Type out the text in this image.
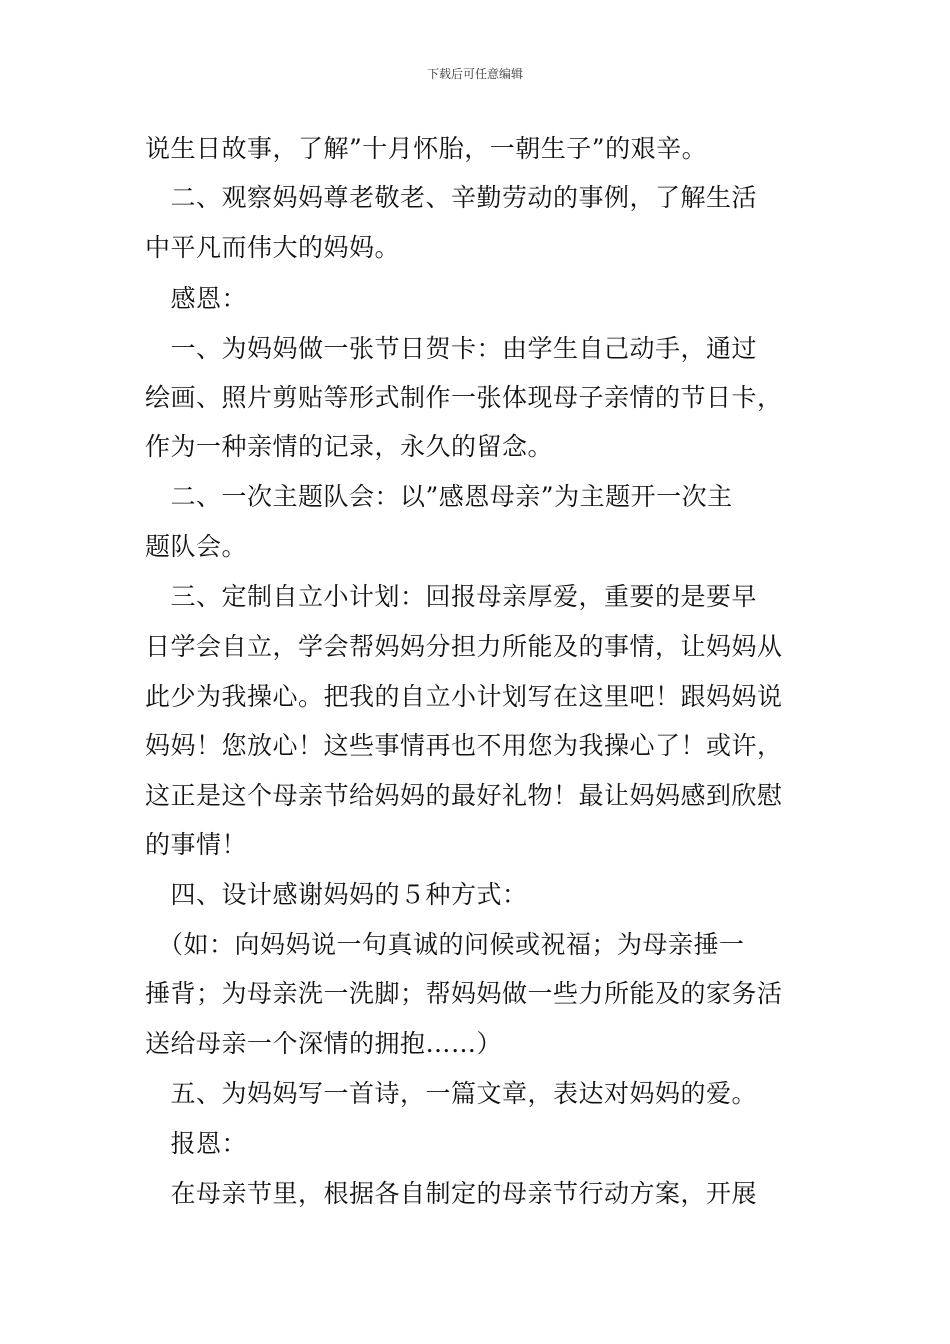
下载后可任意编辑
说生日故事，了解”十月怀胎，一朝生子”的艰辛。
　二、观察妈妈尊老敬老、辛勤劳动的事例，了解生活
中平凡而伟大的妈妈。
　感恩：
　一、为妈妈做一张节日贺卡：由学生自己动手，通过
绘画、照片剪贴等形式制作一张体现母子亲情的节日卡，
作为一种亲情的记录，永久的留念。
　二、一次主题队会：以”感恩母亲”为主题开一次主
题队会。
　三、定制自立小计划：回报母亲厚爱，重要的是要早
日学会自立，学会帮妈妈分担力所能及的事情，让妈妈从
此少为我操心。把我的自立小计划写在这里吧！跟妈妈说
妈妈！您放心！这些事情再也不用您为我操心了！或许，
这正是这个母亲节给妈妈的最好礼物！最让妈妈感到欣慰
的事情！
　四、设计感谢妈妈的５种方式：
　（如：向妈妈说一句真诚的问候或祝福；为母亲捶一
捶背；为母亲洗一洗脚；帮妈妈做一些力所能及的家务活
送给母亲一个深情的拥抱……）
　五、为妈妈写一首诗，一篇文章，表达对妈妈的爱。
　报恩：
　在母亲节里，根据各自制定的母亲节行动方案，开展
